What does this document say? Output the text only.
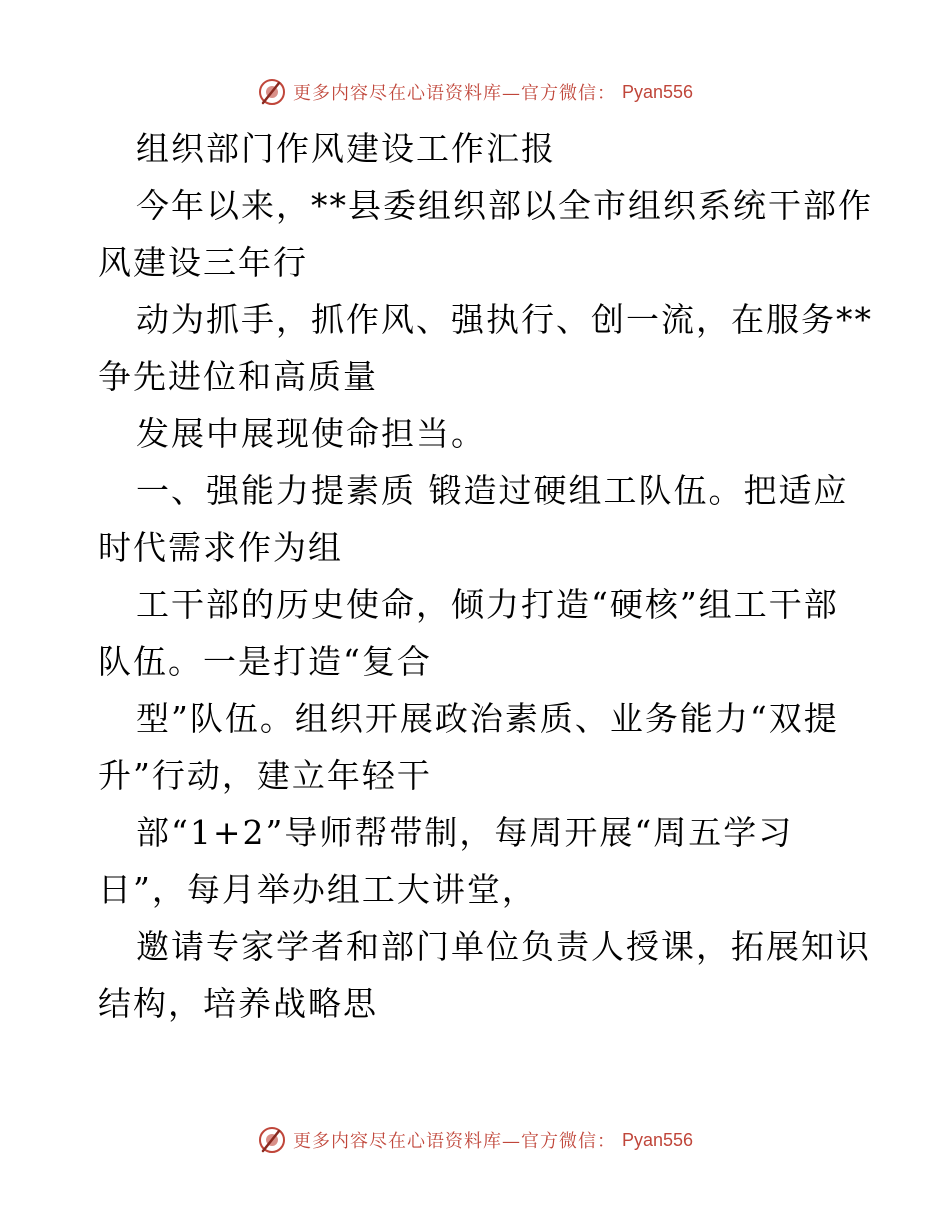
更多内容尽在心语资料库—官方微信： Pyan556
组织部门作风建设工作汇报
今年以来，**县委组织部以全市组织系统干部作
风建设三年行
动为抓手，抓作风、强执行、创一流，在服务**
争先进位和高质量
发展中展现使命担当。
一、强能力提素质 锻造过硬组工队伍。把适应
时代需求作为组
工干部的历史使命，倾力打造“硬核”组工干部
队伍。一是打造“复合
型”队伍。组织开展政治素质、业务能力“双提
升”行动，建立年轻干
部“1+2”导师帮带制，每周开展“周五学习
日”，每月举办组工大讲堂，
邀请专家学者和部门单位负责人授课，拓展知识
结构，培养战略思
更多内容尽在心语资料库—官方微信： Pyan556
